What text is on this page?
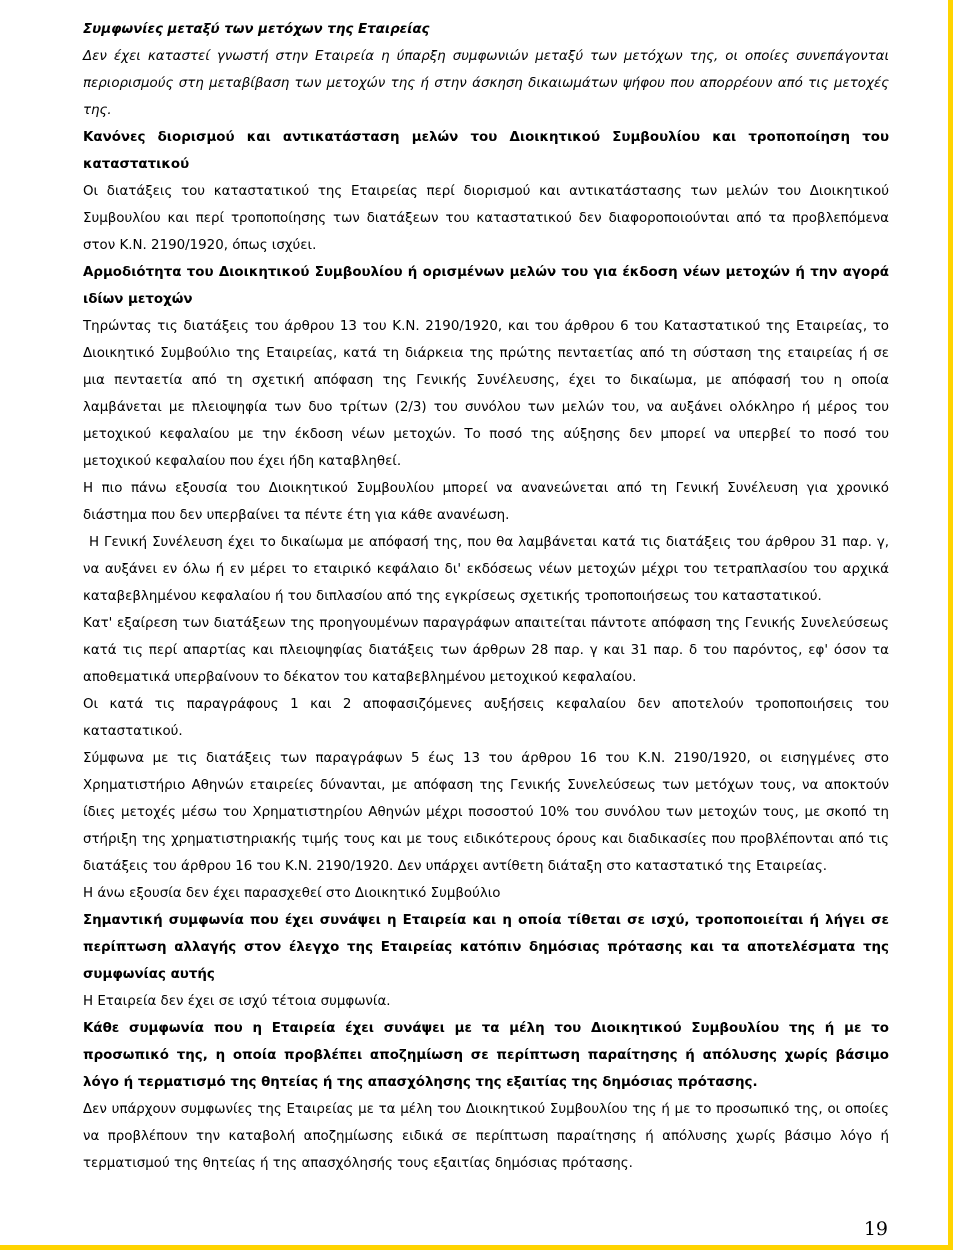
Συμφωνίες μεταξύ των μετόχων της Εταιρείας

Δεν έχει καταστεί γνωστή στην Εταιρεία η ύπαρξη συμφωνιών μεταξύ των μετόχων της, οι οποίες συνεπάγονται περιορισμούς στη μεταβίβαση των μετοχών της ή στην άσκηση δικαιωμάτων ψήφου που απορρέουν από τις μετοχές της.

Κανόνες διορισμού και αντικατάσταση μελών του Διοικητικού Συμβουλίου και τροποποίηση του καταστατικού

Οι διατάξεις του καταστατικού της Εταιρείας περί διορισμού και αντικατάστασης των μελών του Διοικητικού Συμβουλίου και περί τροποποίησης των διατάξεων του καταστατικού δεν διαφοροποιούνται από τα προβλεπόμενα στον Κ.Ν. 2190/1920, όπως ισχύει.

Αρμοδιότητα του Διοικητικού Συμβουλίου ή ορισμένων μελών του για έκδοση νέων μετοχών ή την αγορά ιδίων μετοχών

Τηρώντας τις διατάξεις του άρθρου 13 του Κ.Ν. 2190/1920, και του άρθρου 6 του Καταστατικού της Εταιρείας, το Διοικητικό Συμβούλιο της Εταιρείας, κατά τη διάρκεια της πρώτης πενταετίας από τη σύσταση της εταιρείας ή σε μια πενταετία από τη σχετική απόφαση της Γενικής Συνέλευσης, έχει το δικαίωμα, με απόφασή του η οποία λαμβάνεται με πλειοψηφία των δυο τρίτων (2/3) του συνόλου των μελών του, να αυξάνει ολόκληρο ή μέρος του μετοχικού κεφαλαίου με την έκδοση νέων μετοχών. Το ποσό της αύξησης δεν μπορεί να υπερβεί το ποσό του μετοχικού κεφαλαίου που έχει ήδη καταβληθεί.

Η πιο πάνω εξουσία του Διοικητικού Συμβουλίου μπορεί να ανανεώνεται από τη Γενική Συνέλευση για χρονικό διάστημα που δεν υπερβαίνει τα πέντε έτη για κάθε ανανέωση.

Η Γενική Συνέλευση έχει το δικαίωμα με απόφασή της, που θα λαμβάνεται κατά τις διατάξεις του άρθρου 31 παρ. γ, να αυξάνει εν όλω ή εν μέρει το εταιρικό κεφάλαιο δι' εκδόσεως νέων μετοχών μέχρι του τετραπλασίου του αρχικά καταβεβλημένου κεφαλαίου ή του διπλασίου από της εγκρίσεως σχετικής τροποποιήσεως του καταστατικού.

Κατ' εξαίρεση των διατάξεων της προηγουμένων παραγράφων απαιτείται πάντοτε απόφαση της Γενικής Συνελεύσεως κατά τις περί απαρτίας και πλειοψηφίας διατάξεις των άρθρων 28 παρ. γ και 31 παρ. δ του παρόντος, εφ' όσον τα αποθεματικά υπερβαίνουν το δέκατον του καταβεβλημένου μετοχικού κεφαλαίου.

Οι κατά τις παραγράφους 1 και 2 αποφασιζόμενες αυξήσεις κεφαλαίου δεν αποτελούν τροποποιήσεις του καταστατικού.

Σύμφωνα με τις διατάξεις των παραγράφων 5 έως 13 του άρθρου 16 του Κ.Ν. 2190/1920, οι εισηγμένες στο Χρηματιστήριο Αθηνών εταιρείες δύνανται, με απόφαση της Γενικής Συνελεύσεως των μετόχων τους, να αποκτούν ίδιες μετοχές μέσω του Χρηματιστηρίου Αθηνών μέχρι ποσοστού 10% του συνόλου των μετοχών τους, με σκοπό τη στήριξη της χρηματιστηριακής τιμής τους και με τους ειδικότερους όρους και διαδικασίες που προβλέπονται από τις διατάξεις του άρθρου 16 του Κ.Ν. 2190/1920. Δεν υπάρχει αντίθετη διάταξη στο καταστατικό της Εταιρείας.

Η άνω εξουσία δεν έχει παρασχεθεί στο Διοικητικό Συμβούλιο

Σημαντική συμφωνία που έχει συνάψει η Εταιρεία και η οποία τίθεται σε ισχύ, τροποποιείται ή λήγει σε περίπτωση αλλαγής στον έλεγχο της Εταιρείας κατόπιν δημόσιας πρότασης και τα αποτελέσματα της συμφωνίας αυτής

Η Εταιρεία δεν έχει σε ισχύ τέτοια συμφωνία.

Κάθε συμφωνία που η Εταιρεία έχει συνάψει με τα μέλη του Διοικητικού Συμβουλίου της ή με το προσωπικό της, η οποία προβλέπει αποζημίωση σε περίπτωση παραίτησης ή απόλυσης χωρίς βάσιμο λόγο ή τερματισμό της θητείας ή της απασχόλησης της εξαιτίας της δημόσιας πρότασης.

Δεν υπάρχουν συμφωνίες της Εταιρείας με τα μέλη του Διοικητικού Συμβουλίου της ή με το προσωπικό της, οι οποίες να προβλέπουν την καταβολή αποζημίωσης ειδικά σε περίπτωση παραίτησης ή απόλυσης χωρίς βάσιμο λόγο ή τερματισμού της θητείας ή της απασχόλησής τους εξαιτίας δημόσιας πρότασης.

19
